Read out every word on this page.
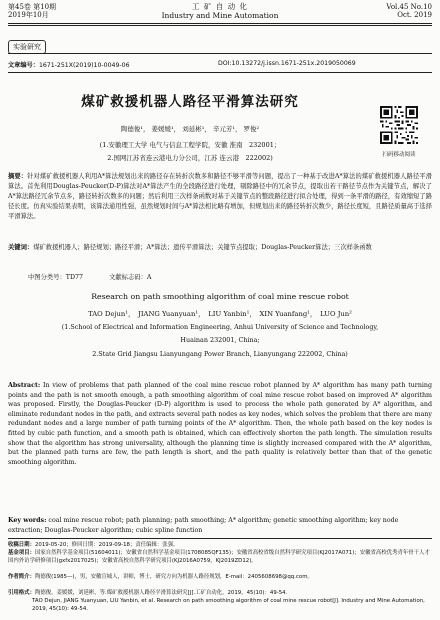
第45卷 第10期
2019年10月
工 矿 自 动 化
Industry and Mine Automation
Vol.45 No.10
Oct. 2019
实验研究
文章编号：1671-251X(2019)10-0049-06	DOI:10.13272/j.issn.1671-251x.2019050069
煤矿救援机器人路径平滑算法研究
陶德俊¹， 姜媛媛¹， 刘延彬¹， 辛元芳¹， 罗俊²
(1.安徽理工大学 电气与信息工程学院，安徽 淮南　232001；
2.国网江苏省连云港电力分公司，江苏 连云港　222002)	扫码移动阅读
摘要：针对煤矿救援机器人利用A*算法规划出来的路径存在转折次数多和路径不够平滑等问题，提出了一种基于改进A*算法的煤矿救援机器人路径平滑算法。首先利用Douglas-Peucker(D-P)算法对A*算法产生的全段路径进行处理，剔除路径中的冗余节点，提取出若干路径节点作为关键节点，解决了A*算法路径冗余节点多，路径转折次数多的问题；然后利用三次样条函数对基于关键节点的整段路径进行拟合处理，得到一条平滑的路径，有效缩短了路径长度。仿真实验结果表明，该算法通用性强，虽然规划时间与A*算法相比略有增加，但规划出来的路径转折次数少，路径长度短，且路径质量高于选择平滑算法。
关键词：煤矿救援机器人；路径规划；路径平滑；A*算法；遗传平滑算法；关键节点提取；Douglas-Peucker算法；三次样条函数
中图分类号：TD77	文献标志码：A
Research on path smoothing algorithm of coal mine rescue robot
TAO Dejun¹，　JIANG Yuanyuan¹，　LIU Yanbin¹，　XIN Yuanfang¹，　LUO Jun²
(1.School of Electrical and Information Engineering, Anhui University of Science and Technology,
Huainan 232001, China;
2.State Grid Jiangsu Lianyungang Power Branch, Lianyungang 222002, China)
Abstract: In view of problems that path planned of the coal mine rescue robot planned by A* algorithm has many path turning points and the path is not smooth enough, a path smoothing algorithm of coal mine rescue robot based on improved A* algorithm was proposed. Firstly, the Douglas-Peucker (D-P) algorithm is used to process the whole path generated by A* algorithm, and eliminate redundant nodes in the path, and extracts several path nodes as key nodes, which solves the problem that there are many redundant nodes and a large number of path turning points of the A* algorithm. Then, the whole path based on the key nodes is fitted by cubic path function, and a smooth path is obtained, which can effectively shorten the path length. The simulation results show that the algorithm has strong universality, although the planning time is slightly increased compared with the A* algorithm, but the planned path turns are few, the path length is short, and the path quality is relatively better than that of the genetic smoothing algorithm.
Key words: coal mine rescue robot; path planning; path smoothing; A* algorithm; genetic smoothing algorithm; key node extraction; Douglas-Peucker algorithm; cubic spline function
收稿日期：2019-05-20；修回日期：2019-09-18；责任编辑：张强。
基金项目：国家自然科学基金项目(51604011)；安徽省自然科学基金项目(1708085QF135)；安徽省高校省级自然科学研究项目(KJ2017A071)；安徽省高校优秀青年骨干人才国内外访学研修项目(gxfx2017025)；安徽省高校自然科学研究项目(KJ2016A0759，KJ2019ZD12)。
作者简介：陶德俊(1985—)，男，安徽宣城人，讲师，博士，研究方向为机器人路径规划，E-mail：2405608698@qq.com。
引用格式：陶德俊，姜媛媛，刘延彬，等.煤矿救援机器人路径平滑算法研究[J].工矿自动化，2019，45(10)：49-54.
TAO Dejun, JIANG Yuanyuan, LIU Yanbin, et al. Research on path smoothing algorithm of coal mine rescue robot[J]. Industry and Mine Automation, 2019, 45(10): 49-54.
